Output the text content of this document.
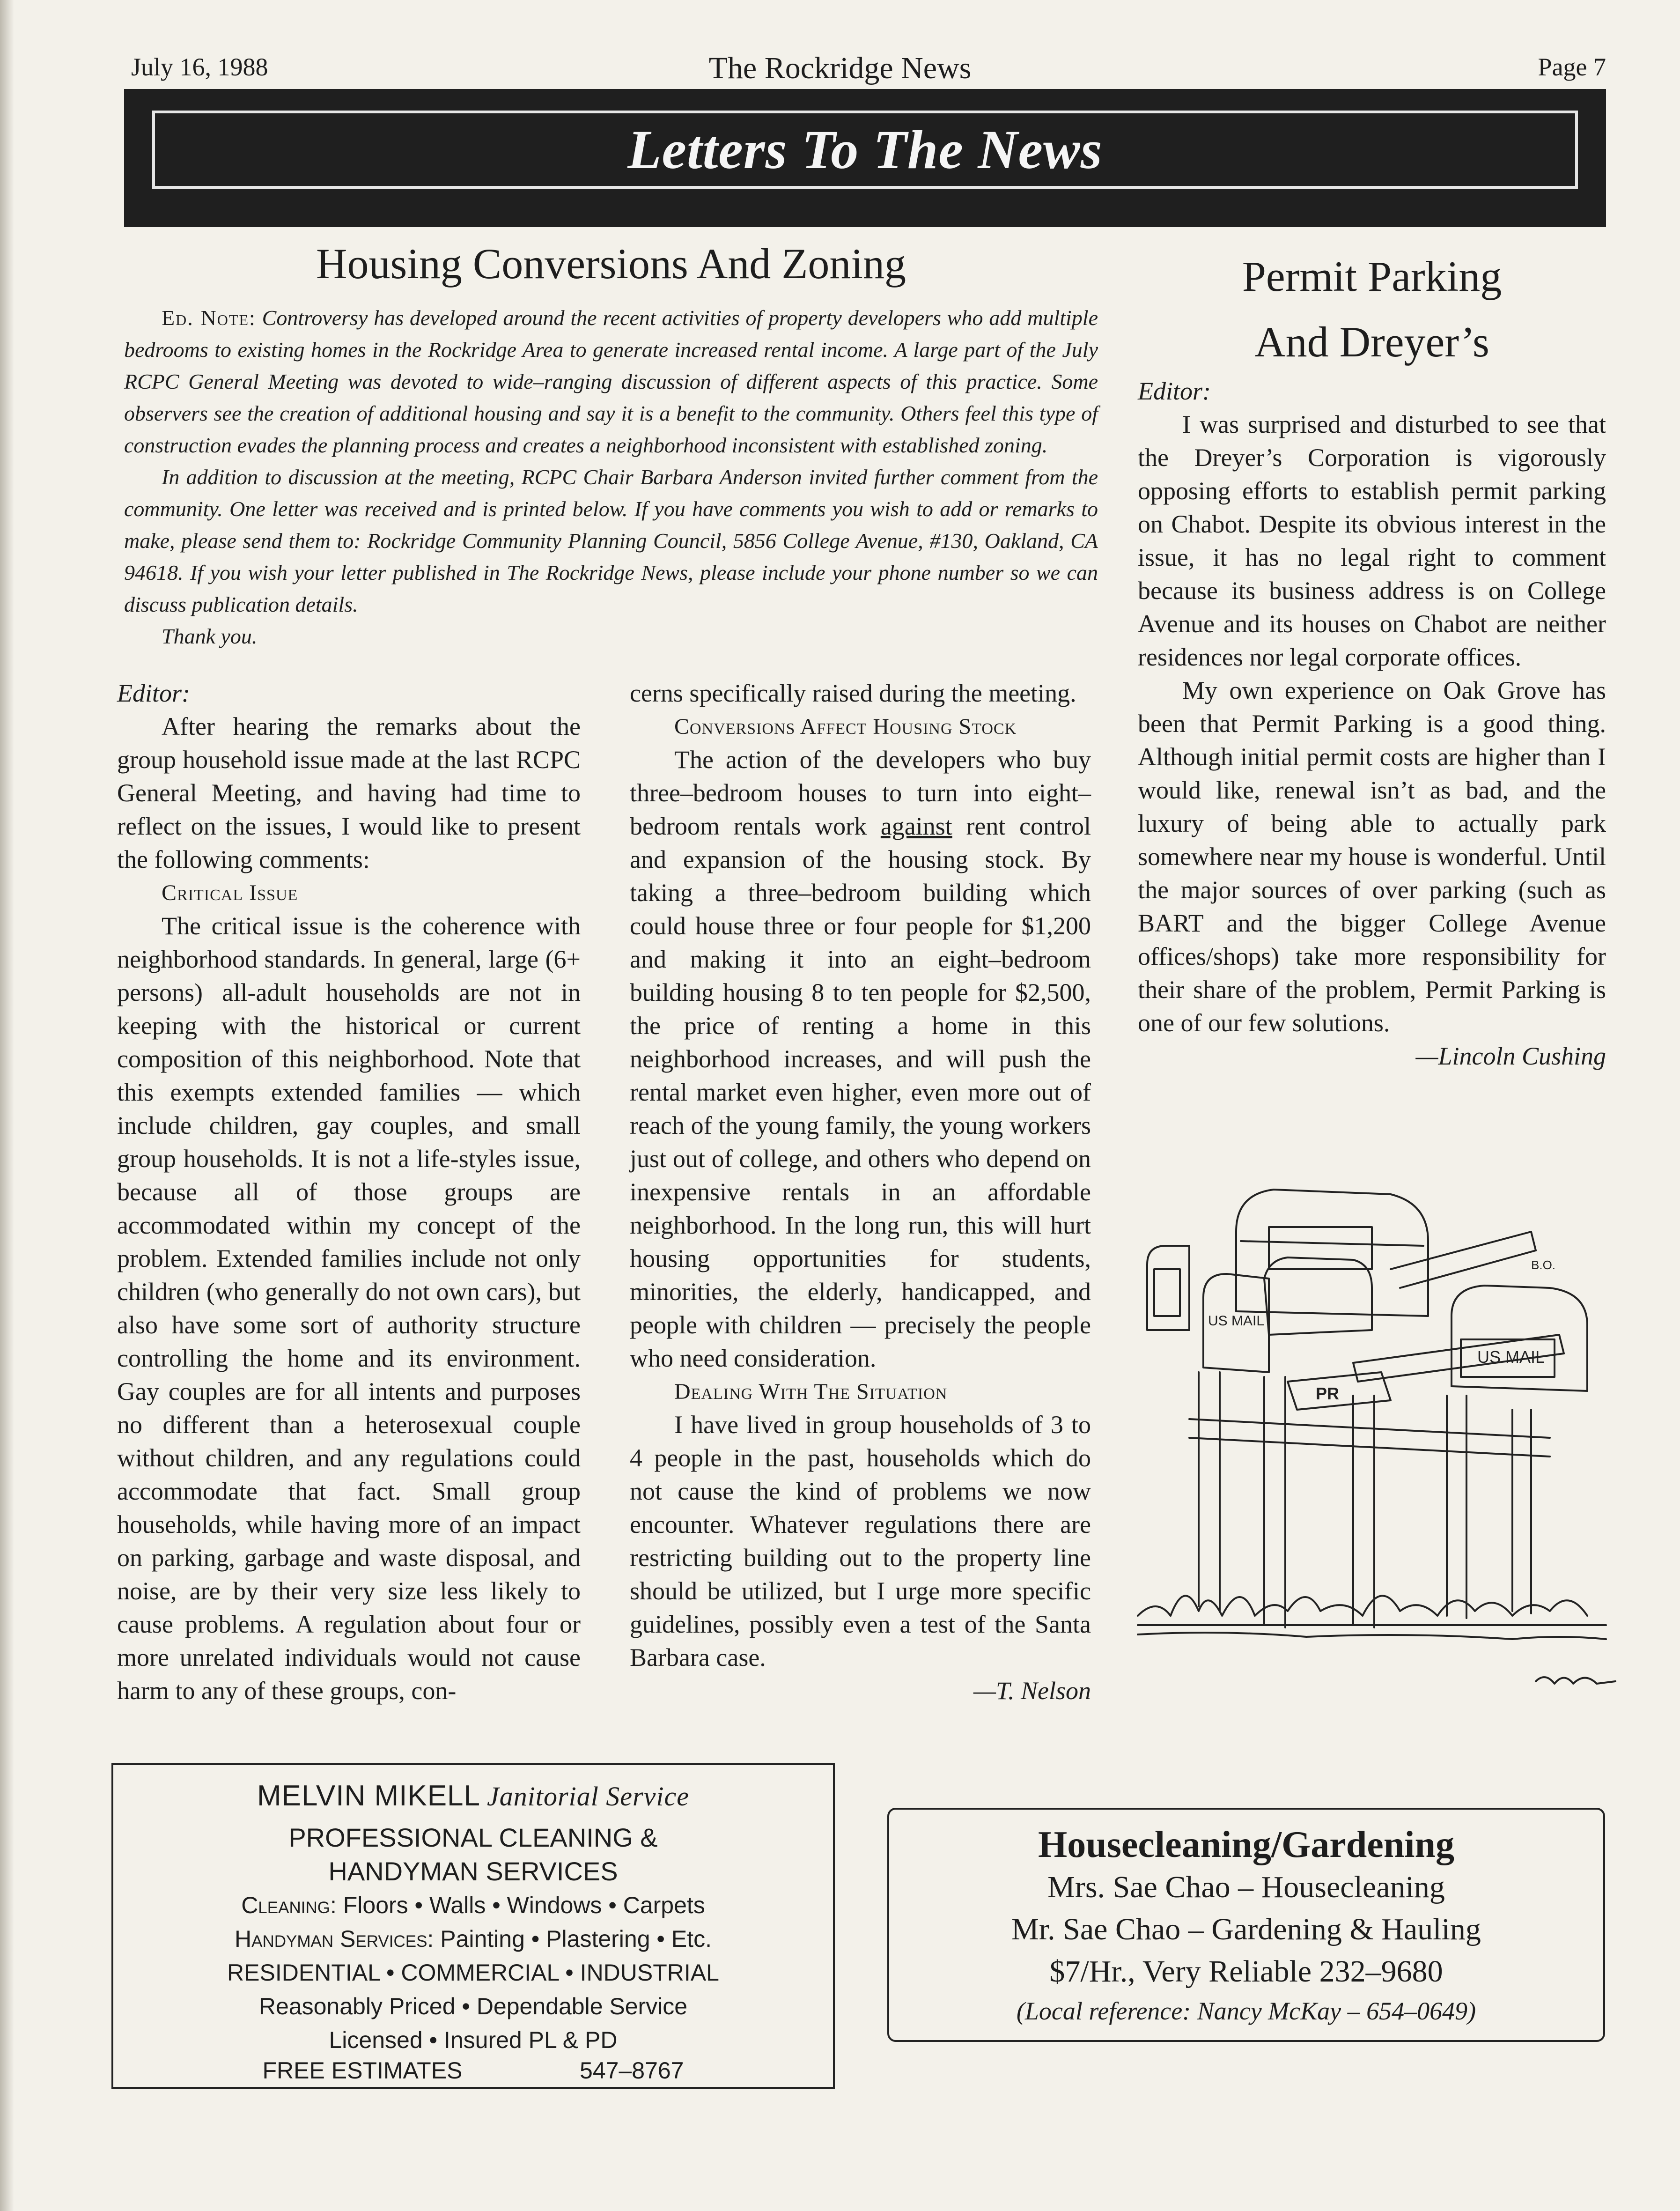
July 16, 1988	The Rockridge News	Page 7
Letters To The News
Housing Conversions And Zoning

Ed. Note: Controversy has developed around the recent activities of property developers who add multiple bedrooms to existing homes in the Rockridge Area to generate increased rental income. A large part of the July RCPC General Meeting was devoted to wide–ranging discussion of different aspects of this practice. Some observers see the creation of additional housing and say it is a benefit to the community. Others feel this type of construction evades the planning process and creates a neighborhood inconsistent with established zoning.

In addition to discussion at the meeting, RCPC Chair Barbara Anderson invited further comment from the community. One letter was received and is printed below. If you have comments you wish to add or remarks to make, please send them to: Rockridge Community Planning Council, 5856 College Avenue, #130, Oakland, CA 94618. If you wish your letter published in The Rockridge News, please include your phone number so we can discuss publication details.

Thank you.

Editor:

After hearing the remarks about the group household issue made at the last RCPC General Meeting, and having had time to reflect on the issues, I would like to present the following comments:

Critical Issue

The critical issue is the coherence with neighborhood standards. In general, large (6+ persons) all-adult households are not in keeping with the historical or current composition of this neighborhood. Note that this exempts extended families — which include children, gay couples, and small group households. It is not a life-styles issue, because all of those groups are accommodated within my concept of the problem. Extended families include not only children (who generally do not own cars), but also have some sort of authority structure controlling the home and its environment. Gay couples are for all intents and purposes no different than a heterosexual couple without children, and any regulations could accommodate that fact. Small group households, while having more of an impact on parking, garbage and waste disposal, and noise, are by their very size less likely to cause problems. A regulation about four or more unrelated individuals would not cause harm to any of these groups, con-

cerns specifically raised during the meeting.

Conversions Affect Housing Stock

The action of the developers who buy three–bedroom houses to turn into eight–bedroom rentals work against rent control and expansion of the housing stock. By taking a three–bedroom building which could house three or four people for $1,200 and making it into an eight–bedroom building housing 8 to ten people for $2,500, the price of renting a home in this neighborhood increases, and will push the rental market even higher, even more out of reach of the young family, the young workers just out of college, and others who depend on inexpensive rentals in an affordable neighborhood. In the long run, this will hurt housing opportunities for students, minorities, the elderly, handicapped, and people with children — precisely the people who need consideration.

Dealing With The Situation

I have lived in group households of 3 to 4 people in the past, households which do not cause the kind of problems we now encounter. Whatever regulations there are restricting building out to the property line should be utilized, but I urge more specific guidelines, possibly even a test of the Santa Barbara case.

—T. Nelson

Permit Parking
And Dreyer’s

Editor:

I was surprised and disturbed to see that the Dreyer’s Corporation is vigorously opposing efforts to establish permit parking on Chabot. Despite its obvious interest in the issue, it has no legal right to comment because its business address is on College Avenue and its houses on Chabot are neither residences nor legal corporate offices.

My own experience on Oak Grove has been that Permit Parking is a good thing. Although initial permit costs are higher than I would like, renewal isn’t as bad, and the luxury of being able to actually park somewhere near my house is wonderful. Until the major sources of over parking (such as BART and the bigger College Avenue offices/shops) take more responsibility for their share of the problem, Permit Parking is one of our few solutions.

—Lincoln Cushing

B.O.
US MAIL
US MAIL
PR
MELVIN MIKELL Janitorial Service
PROFESSIONAL CLEANING & HANDYMAN SERVICES
Cleaning: Floors • Walls • Windows • Carpets
Handyman Services: Painting • Plastering • Etc.
RESIDENTIAL • COMMERCIAL • INDUSTRIAL
Reasonably Priced • Dependable Service
Licensed • Insured PL & PD
FREE ESTIMATES	547–8767
Housecleaning/Gardening
Mrs. Sae Chao – Housecleaning
Mr. Sae Chao – Gardening & Hauling
$7/Hr., Very Reliable 232–9680
(Local reference: Nancy McKay – 654–0649)
